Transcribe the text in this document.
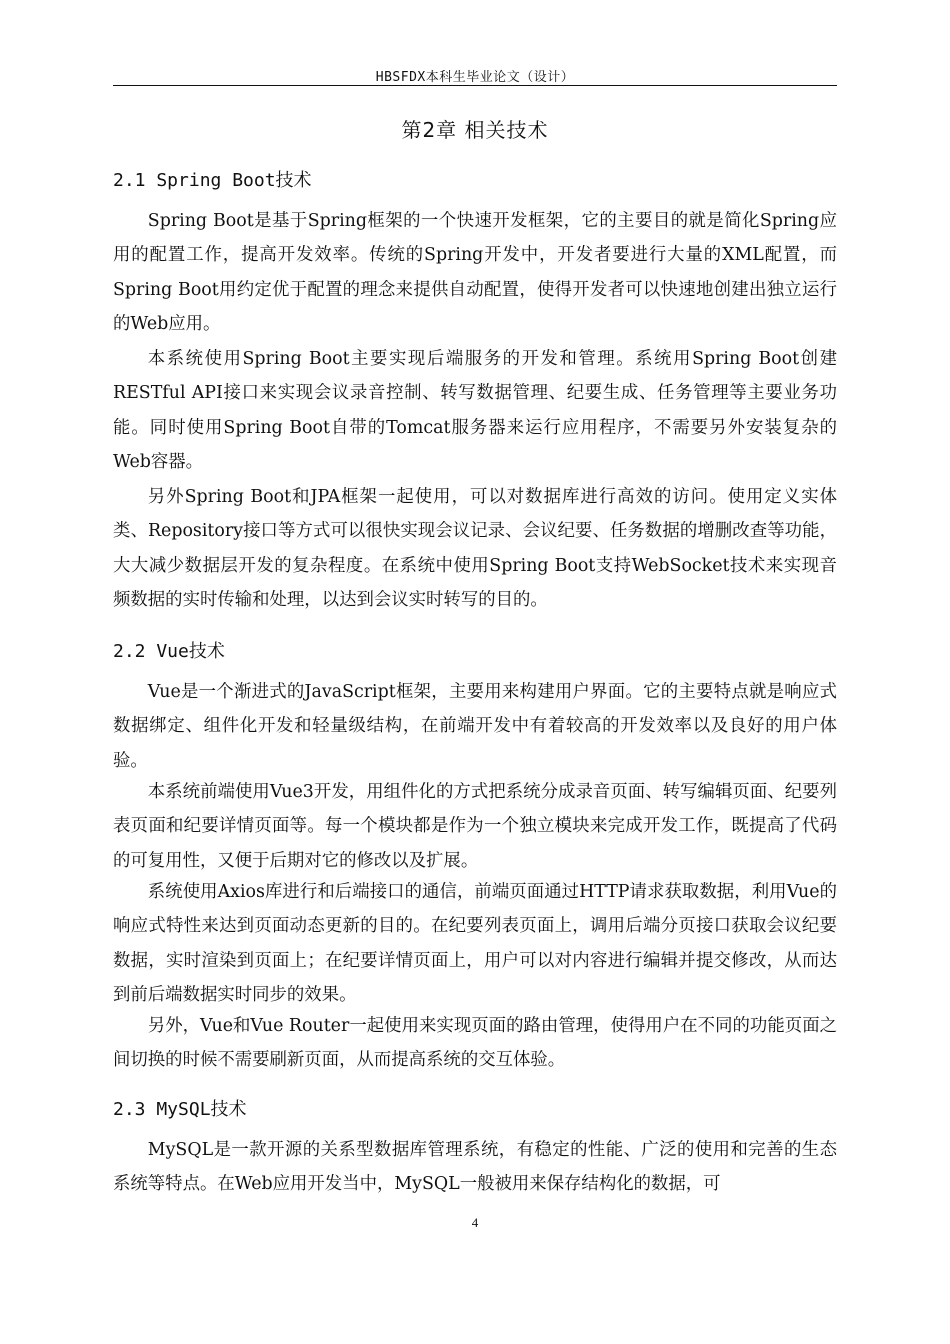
HBSFDX本科生毕业论文（设计）
第2章 相关技术
2.1 Spring Boot技术

Spring Boot是基于Spring框架的一个快速开发框架，它的主要目的就是简化Spring应用的配置工作，提高开发效率。传统的Spring开发中，开发者要进行大量的XML配置，而Spring Boot用约定优于配置的理念来提供自动配置，使得开发者可以快速地创建出独立运行的Web应用。

本系统使用Spring Boot主要实现后端服务的开发和管理。系统用Spring Boot创建RESTful API接口来实现会议录音控制、转写数据管理、纪要生成、任务管理等主要业务功能。同时使用Spring Boot自带的Tomcat服务器来运行应用程序，不需要另外安装复杂的Web容器。

另外Spring Boot和JPA框架一起使用，可以对数据库进行高效的访问。使用定义实体类、Repository接口等方式可以很快实现会议记录、会议纪要、任务数据的增删改查等功能，大大减少数据层开发的复杂程度。在系统中使用Spring Boot支持WebSocket技术来实现音频数据的实时传输和处理，以达到会议实时转写的目的。

2.2 Vue技术

Vue是一个渐进式的JavaScript框架，主要用来构建用户界面。它的主要特点就是响应式数据绑定、组件化开发和轻量级结构，在前端开发中有着较高的开发效率以及良好的用户体验。

本系统前端使用Vue3开发，用组件化的方式把系统分成录音页面、转写编辑页面、纪要列表页面和纪要详情页面等。每一个模块都是作为一个独立模块来完成开发工作，既提高了代码的可复用性，又便于后期对它的修改以及扩展。

系统使用Axios库进行和后端接口的通信，前端页面通过HTTP请求获取数据，利用Vue的响应式特性来达到页面动态更新的目的。在纪要列表页面上，调用后端分页接口获取会议纪要数据，实时渲染到页面上；在纪要详情页面上，用户可以对内容进行编辑并提交修改，从而达到前后端数据实时同步的效果。

另外，Vue和Vue Router一起使用来实现页面的路由管理，使得用户在不同的功能页面之间切换的时候不需要刷新页面，从而提高系统的交互体验。

2.3 MySQL技术

MySQL是一款开源的关系型数据库管理系统，有稳定的性能、广泛的使用和完善的生态系统等特点。在Web应用开发当中，MySQL一般被用来保存结构化的数据，可

4
